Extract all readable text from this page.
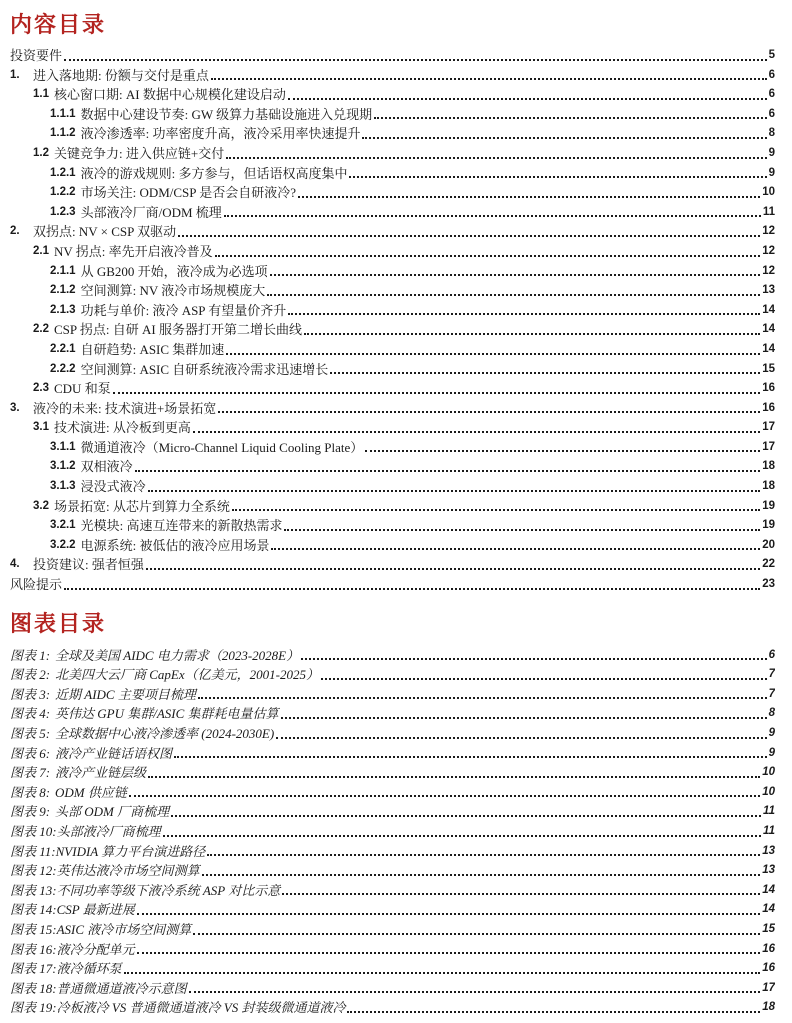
内容目录
投资要件	5
1.	进入落地期: 份额与交付是重点	6
1.1 核心窗口期: AI 数据中心规模化建设启动	6
1.1.1 数据中心建设节奏: GW 级算力基础设施进入兑现期	6
1.1.2 液冷渗透率: 功率密度升高，液冷采用率快速提升	8
1.2 关键竞争力: 进入供应链+交付	9
1.2.1 液冷的游戏规则: 多方参与，但话语权高度集中	9
1.2.2 市场关注: ODM/CSP 是否会自研液冷?	10
1.2.3 头部液冷厂商/ODM 梳理	11
2.	双拐点: NV × CSP 双驱动	12
2.1 NV 拐点: 率先开启液冷普及	12
2.1.1 从 GB200 开始，液冷成为必选项	12
2.1.2 空间测算: NV 液冷市场规模庞大	13
2.1.3 功耗与单价: 液冷 ASP 有望量价齐升	14
2.2 CSP 拐点: 自研 AI 服务器打开第二增长曲线	14
2.2.1 自研趋势: ASIC 集群加速	14
2.2.2 空间测算: ASIC 自研系统液冷需求迅速增长	15
2.3 CDU 和泵	16
3.	液冷的未来: 技术演进+场景拓宽	16
3.1 技术演进: 从冷板到更高	17
3.1.1 微通道液冷（Micro-Channel Liquid Cooling Plate）	17
3.1.2 双相液冷	18
3.1.3 浸没式液冷	18
3.2 场景拓宽: 从芯片到算力全系统	19
3.2.1 光模块: 高速互连带来的新散热需求	19
3.2.2 电源系统: 被低估的液冷应用场景	20
4.	投资建议: 强者恒强	22
风险提示	23
图表目录
图表 1: 全球及美国 AIDC 电力需求（2023-2028E）	6
图表 2: 北美四大云厂商 CapEx（亿美元，2001-2025）	7
图表 3: 近期 AIDC 主要项目梳理	7
图表 4: 英伟达 GPU 集群/ASIC 集群耗电量估算	8
图表 5: 全球数据中心液冷渗透率 (2024-2030E)	9
图表 6: 液冷产业链话语权图	9
图表 7: 液冷产业链层级	10
图表 8: ODM 供应链	10
图表 9: 头部 ODM 厂商梳理	11
图表 10: 头部液冷厂商梳理	11
图表 11: NVIDIA 算力平台演进路径	13
图表 12: 英伟达液冷市场空间测算	13
图表 13: 不同功率等级下液冷系统 ASP 对比示意	14
图表 14: CSP 最新进展	14
图表 15: ASIC 液冷市场空间测算	15
图表 16: 液冷分配单元	16
图表 17: 液冷循环泵	16
图表 18: 普通微通道液冷示意图	17
图表 19: 冷板液冷 VS 普通微通道液冷 VS 封装级微通道液冷	18
